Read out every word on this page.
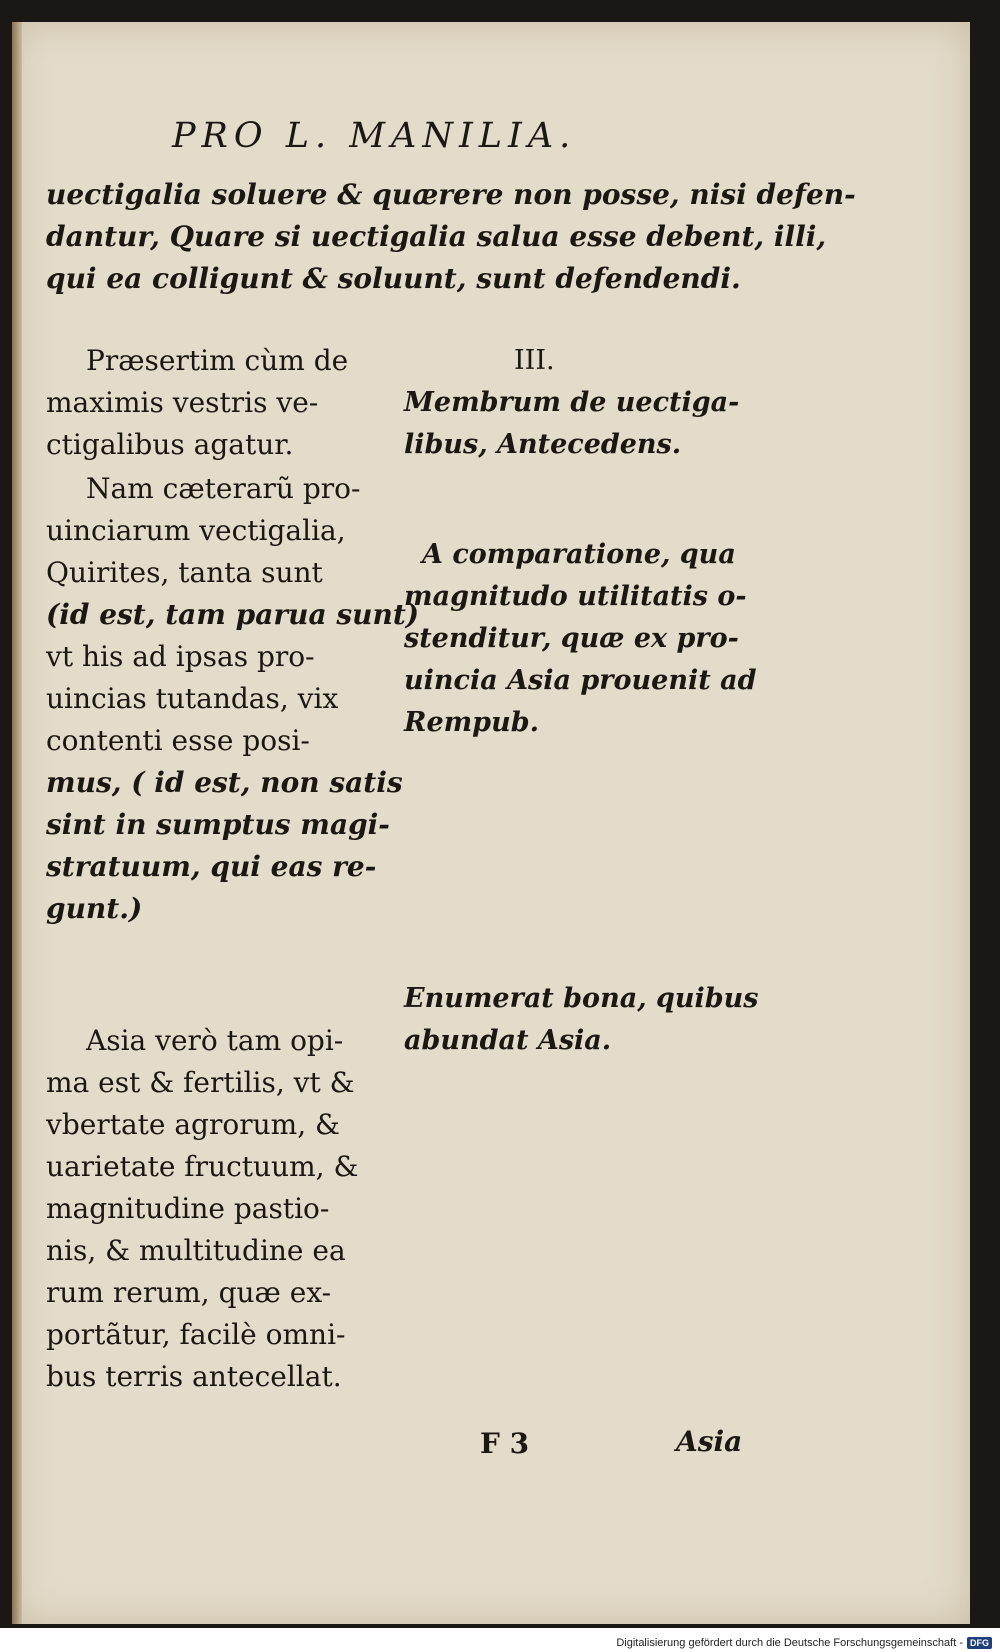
PRO L. MANILIA.
uectigalia soluere & quærere non posse, nisi defen-
dantur, Quare si uectigalia salua esse debent, illi,
qui ea colligunt & soluunt, sunt defendendi.
Præsertim cùm de
maximis vestris ve-
ctigalibus agatur.
Nam cæterarũ pro-
uinciarum vectigalia,
Quirites, tanta sunt
(id est, tam parua sunt)
vt his ad ipsas pro-
uincias tutandas, vix
contenti esse posi-
mus, ( id est, non satis
sint in sumptus magi-
stratuum, qui eas re-
gunt.)
Asia verò tam opi-
ma est & fertilis, vt &
vbertate agrorum, &
uarietate fructuum, &
magnitudine pastio-
nis, & multitudine ea
rum rerum, quæ ex-
portãtur, facilè omni-
bus terris antecellat.
III.
Membrum de uectiga-
libus, Antecedens.
A comparatione, qua
magnitudo utilitatis o-
stenditur, quæ ex pro-
uincia Asia prouenit ad
Rempub.
Enumerat bona, quibus
abundat Asia.
F 3	Asia
Digitalisierung gefördert durch die Deutsche Forschungsgemeinschaft - DFG
